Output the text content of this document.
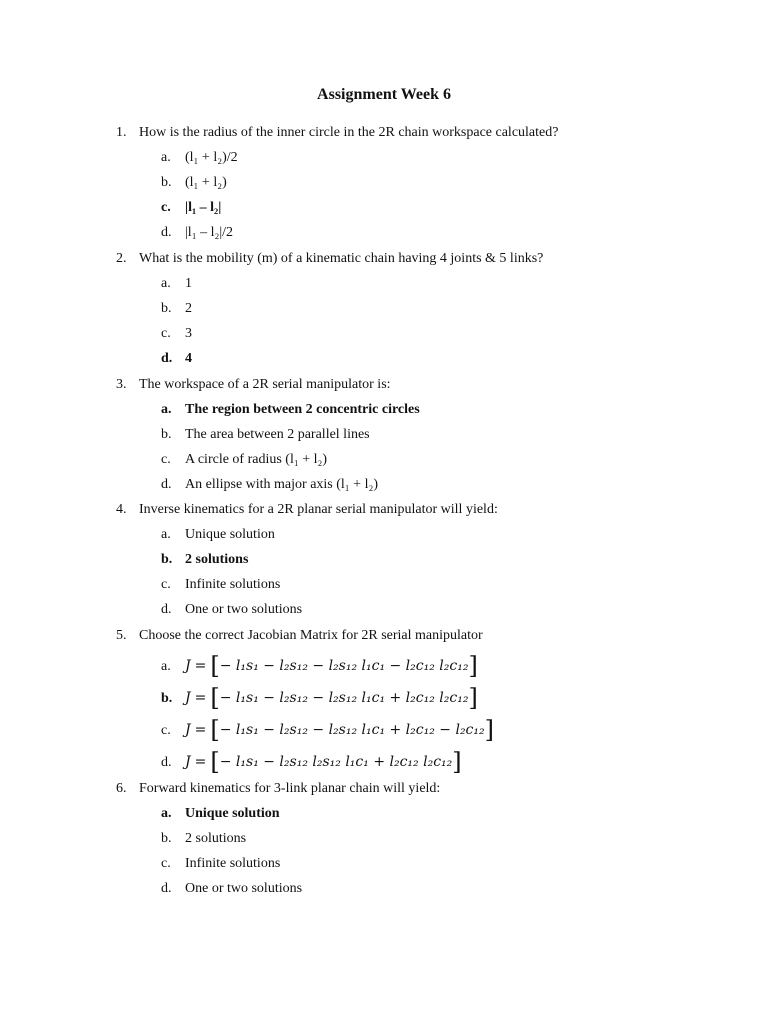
Assignment Week 6
1. How is the radius of the inner circle in the 2R chain workspace calculated?
a. (l₁ + l₂)/2
b. (l₁ + l₂)
c. |l₁ – l₂|
d. |l₁ – l₂|/2
2. What is the mobility (m) of a kinematic chain having 4 joints & 5 links?
a. 1
b. 2
c. 3
d. 4
3. The workspace of a 2R serial manipulator is:
a. The region between 2 concentric circles
b. The area between 2 parallel lines
c. A circle of radius (l₁ + l₂)
d. An ellipse with major axis (l₁ + l₂)
4. Inverse kinematics for a 2R planar serial manipulator will yield:
a. Unique solution
b. 2 solutions
c. Infinite solutions
d. One or two solutions
5. Choose the correct Jacobian Matrix for 2R serial manipulator
a. J = [− l₁s₁ − l₂s₁₂ − l₂s₁₂ l₁c₁ − l₂c₁₂ l₂c₁₂]
b. J = [− l₁s₁ − l₂s₁₂ − l₂s₁₂ l₁c₁ + l₂c₁₂ l₂c₁₂]
c. J = [− l₁s₁ − l₂s₁₂ − l₂s₁₂ l₁c₁ + l₂c₁₂ − l₂c₁₂]
d. J = [− l₁s₁ − l₂s₁₂ l₂s₁₂ l₁c₁ + l₂c₁₂ l₂c₁₂]
6. Forward kinematics for 3-link planar chain will yield:
a. Unique solution
b. 2 solutions
c. Infinite solutions
d. One or two solutions
